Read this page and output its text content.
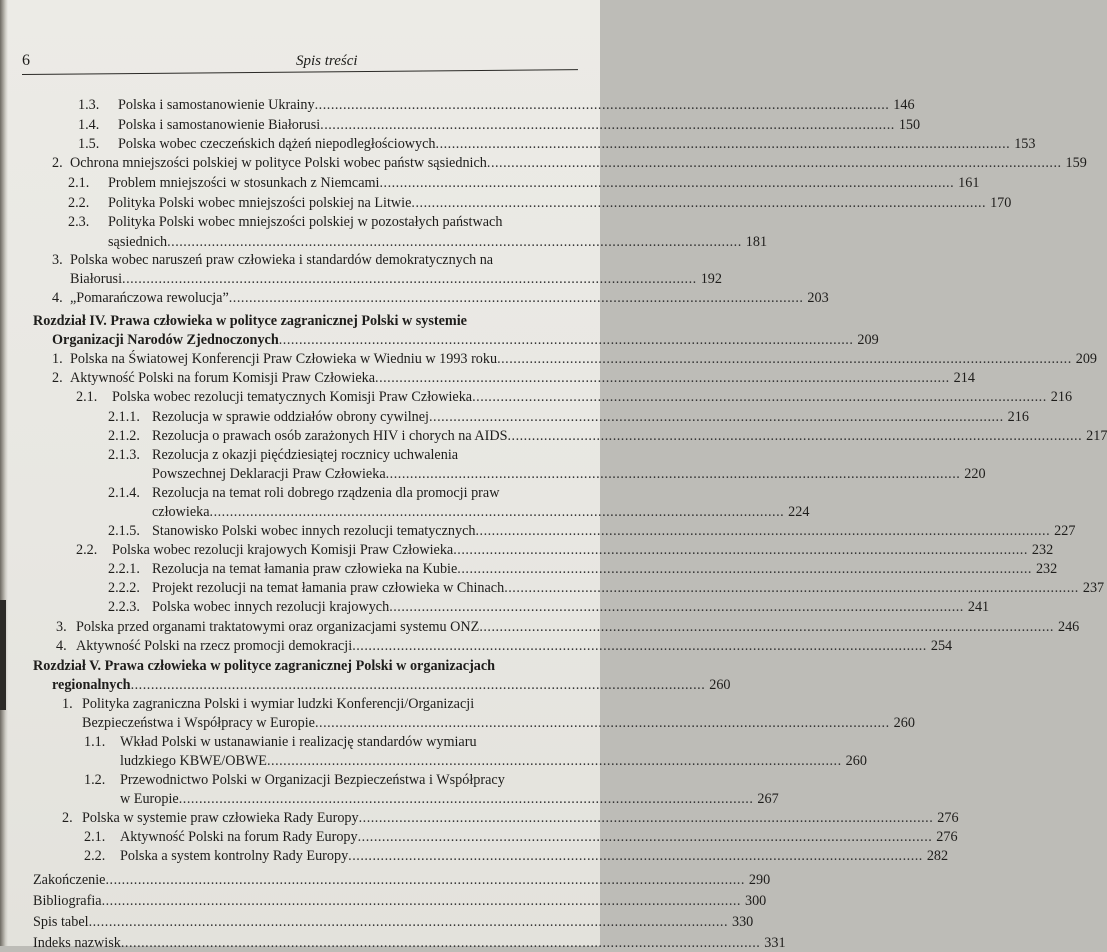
6	Spis treści
1.3. Polska i samostanowienie Ukrainy .............................................................................................................................................. 146
1.4. Polska i samostanowienie Białorusi .............................................................................................................................................. 150
1.5. Polska wobec czeczeńskich dążeń niepodległościowych .............................................................................................................................................. 153
2. Ochrona mniejszości polskiej w polityce Polski wobec państw sąsiednich .............................................................................................................................................. 159
2.1. Problem mniejszości w stosunkach z Niemcami .............................................................................................................................................. 161
2.2. Polityka Polski wobec mniejszości polskiej na Litwie .............................................................................................................................................. 170
2.3. Polityka Polski wobec mniejszości polskiej w pozostałych państwach
sąsiednich .............................................................................................................................................. 181
3. Polska wobec naruszeń praw człowieka i standardów demokratycznych na
Białorusi .............................................................................................................................................. 192
4. „Pomarańczowa rewolucja” .............................................................................................................................................. 203
Rozdział IV. Prawa człowieka w polityce zagranicznej Polski w systemie
Organizacji Narodów Zjednoczonych .............................................................................................................................................. 209
1. Polska na Światowej Konferencji Praw Człowieka w Wiedniu w 1993 roku .............................................................................................................................................. 209
2. Aktywność Polski na forum Komisji Praw Człowieka .............................................................................................................................................. 214
2.1. Polska wobec rezolucji tematycznych Komisji Praw Człowieka .............................................................................................................................................. 216
2.1.1. Rezolucja w sprawie oddziałów obrony cywilnej .............................................................................................................................................. 216
2.1.2. Rezolucja o prawach osób zarażonych HIV i chorych na AIDS .............................................................................................................................................. 217
2.1.3. Rezolucja z okazji pięćdziesiątej rocznicy uchwalenia
Powszechnej Deklaracji Praw Człowieka .............................................................................................................................................. 220
2.1.4. Rezolucja na temat roli dobrego rządzenia dla promocji praw
człowieka .............................................................................................................................................. 224
2.1.5. Stanowisko Polski wobec innych rezolucji tematycznych .............................................................................................................................................. 227
2.2. Polska wobec rezolucji krajowych Komisji Praw Człowieka .............................................................................................................................................. 232
2.2.1. Rezolucja na temat łamania praw człowieka na Kubie .............................................................................................................................................. 232
2.2.2. Projekt rezolucji na temat łamania praw człowieka w Chinach .............................................................................................................................................. 237
2.2.3. Polska wobec innych rezolucji krajowych .............................................................................................................................................. 241
3. Polska przed organami traktatowymi oraz organizacjami systemu ONZ .............................................................................................................................................. 246
4. Aktywność Polski na rzecz promocji demokracji .............................................................................................................................................. 254
Rozdział V. Prawa człowieka w polityce zagranicznej Polski w organizacjach
regionalnych .............................................................................................................................................. 260
1. Polityka zagraniczna Polski i wymiar ludzki Konferencji/Organizacji
Bezpieczeństwa i Współpracy w Europie .............................................................................................................................................. 260
1.1. Wkład Polski w ustanawianie i realizację standardów wymiaru
ludzkiego KBWE/OBWE .............................................................................................................................................. 260
1.2. Przewodnictwo Polski w Organizacji Bezpieczeństwa i Współpracy
w Europie .............................................................................................................................................. 267
2. Polska w systemie praw człowieka Rady Europy .............................................................................................................................................. 276
2.1. Aktywność Polski na forum Rady Europy .............................................................................................................................................. 276
2.2. Polska a system kontrolny Rady Europy .............................................................................................................................................. 282
Zakończenie .............................................................................................................................................................. 290
Bibliografia .............................................................................................................................................................. 300
Spis tabel .............................................................................................................................................................. 330
Indeks nazwisk .............................................................................................................................................................. 331
